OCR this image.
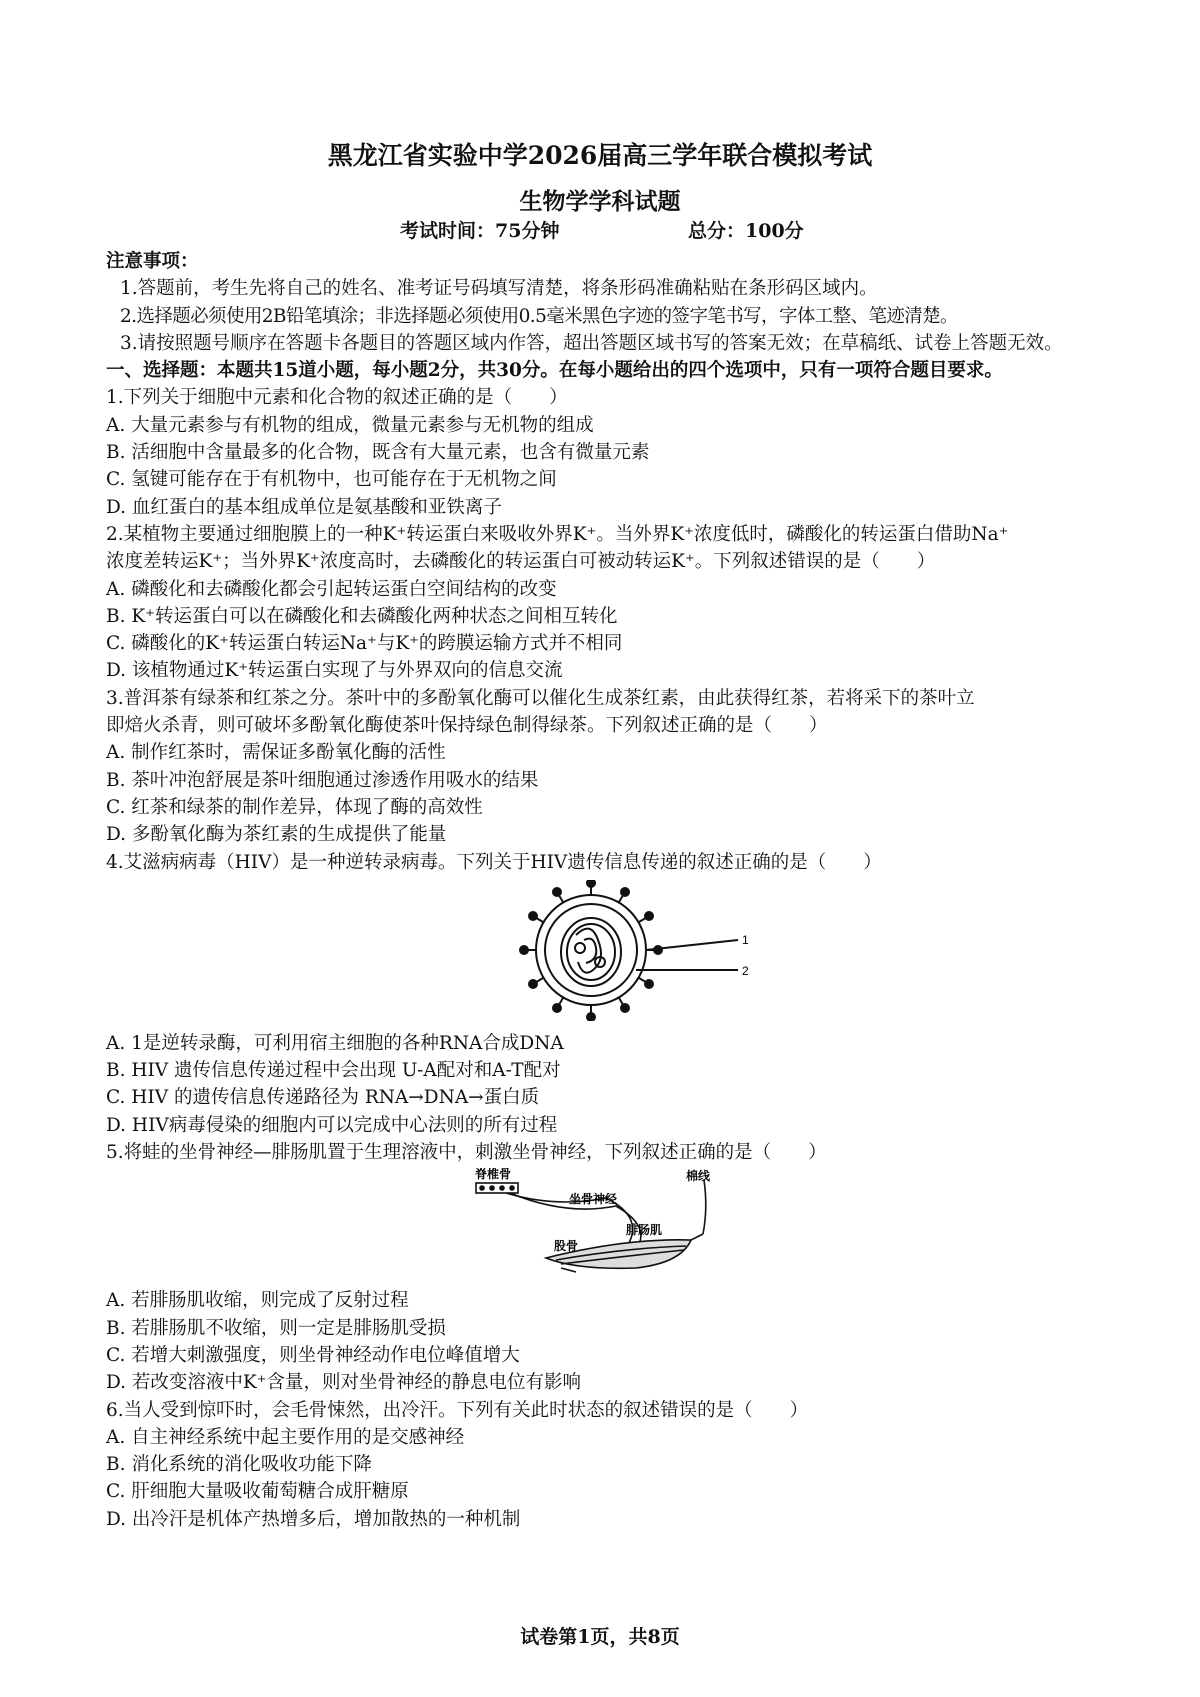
黑龙江省实验中学2026届高三学年联合模拟考试
生物学学科试题
考试时间：75分钟	总分：100分

注意事项：

1.答题前，考生先将自己的姓名、准考证号码填写清楚，将条形码准确粘贴在条形码区域内。

2.选择题必须使用2B铅笔填涂；非选择题必须使用0.5毫米黑色字迹的签字笔书写，字体工整、笔迹清楚。

3.请按照题号顺序在答题卡各题目的答题区域内作答，超出答题区域书写的答案无效；在草稿纸、试卷上答题无效。

一、选择题：本题共15道小题，每小题2分，共30分。在每小题给出的四个选项中，只有一项符合题目要求。

1.下列关于细胞中元素和化合物的叙述正确的是（　　）

A. 大量元素参与有机物的组成，微量元素参与无机物的组成

B. 活细胞中含量最多的化合物，既含有大量元素，也含有微量元素

C. 氢键可能存在于有机物中，也可能存在于无机物之间

D. 血红蛋白的基本组成单位是氨基酸和亚铁离子

2.某植物主要通过细胞膜上的一种K⁺转运蛋白来吸收外界K⁺。当外界K⁺浓度低时，磷酸化的转运蛋白借助Na⁺

浓度差转运K⁺；当外界K⁺浓度高时，去磷酸化的转运蛋白可被动转运K⁺。下列叙述错误的是（　　）

A. 磷酸化和去磷酸化都会引起转运蛋白空间结构的改变

B. K⁺转运蛋白可以在磷酸化和去磷酸化两种状态之间相互转化

C. 磷酸化的K⁺转运蛋白转运Na⁺与K⁺的跨膜运输方式并不相同

D. 该植物通过K⁺转运蛋白实现了与外界双向的信息交流

3.普洱茶有绿茶和红茶之分。茶叶中的多酚氧化酶可以催化生成茶红素，由此获得红茶，若将采下的茶叶立

即焙火杀青，则可破坏多酚氧化酶使茶叶保持绿色制得绿茶。下列叙述正确的是（　　）

A. 制作红茶时，需保证多酚氧化酶的活性

B. 茶叶冲泡舒展是茶叶细胞通过渗透作用吸水的结果

C. 红茶和绿茶的制作差异，体现了酶的高效性

D. 多酚氧化酶为茶红素的生成提供了能量

4.艾滋病病毒（HIV）是一种逆转录病毒。下列关于HIV遗传信息传递的叙述正确的是（　　）

1
2

A. 1是逆转录酶，可利用宿主细胞的各种RNA合成DNA

B. HIV 遗传信息传递过程中会出现 U-A配对和A-T配对

C. HIV 的遗传信息传递路径为 RNA→DNA→蛋白质

D. HIV病毒侵染的细胞内可以完成中心法则的所有过程

5.将蛙的坐骨神经—腓肠肌置于生理溶液中，刺激坐骨神经，下列叙述正确的是（　　）

脊椎骨
坐骨神经
棉线
腓肠肌
股骨

A. 若腓肠肌收缩，则完成了反射过程

B. 若腓肠肌不收缩，则一定是腓肠肌受损

C. 若增大刺激强度，则坐骨神经动作电位峰值增大

D. 若改变溶液中K⁺含量，则对坐骨神经的静息电位有影响

6.当人受到惊吓时，会毛骨悚然，出冷汗。下列有关此时状态的叙述错误的是（　　）

A. 自主神经系统中起主要作用的是交感神经

B. 消化系统的消化吸收功能下降

C. 肝细胞大量吸收葡萄糖合成肝糖原

D. 出冷汗是机体产热增多后，增加散热的一种机制

试卷第1页，共8页
